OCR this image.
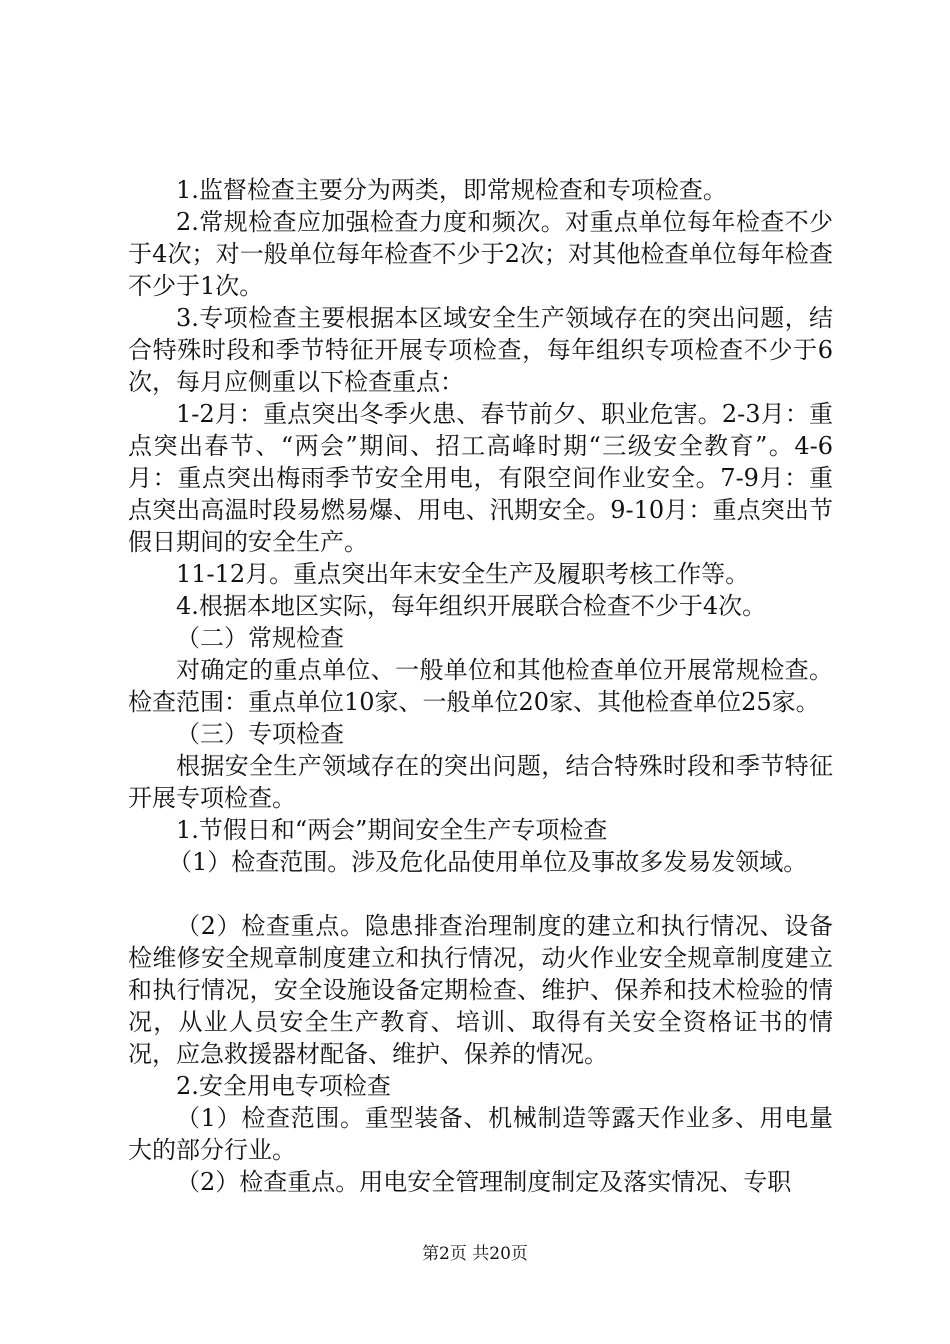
1.监督检查主要分为两类，即常规检查和专项检查。

2.常规检查应加强检查力度和频次。对重点单位每年检查不少于4次；对一般单位每年检查不少于2次；对其他检查单位每年检查不少于1次。

3.专项检查主要根据本区域安全生产领域存在的突出问题，结合特殊时段和季节特征开展专项检查，每年组织专项检查不少于6次，每月应侧重以下检查重点：

1-2月：重点突出冬季火患、春节前夕、职业危害。2-3月：重点突出春节、“两会”期间、招工高峰时期“三级安全教育”。4-6月：重点突出梅雨季节安全用电，有限空间作业安全。7-9月：重点突出高温时段易燃易爆、用电、汛期安全。9-10月：重点突出节假日期间的安全生产。

11-12月。重点突出年末安全生产及履职考核工作等。

4.根据本地区实际，每年组织开展联合检查不少于4次。

（二）常规检查

对确定的重点单位、一般单位和其他检查单位开展常规检查。检查范围：重点单位10家、一般单位20家、其他检查单位25家。

（三）专项检查

根据安全生产领域存在的突出问题，结合特殊时段和季节特征开展专项检查。

1.节假日和“两会”期间安全生产专项检查

（1）检查范围。涉及危化品使用单位及事故多发易发领域。

（2）检查重点。隐患排查治理制度的建立和执行情况、设备检维修安全规章制度建立和执行情况，动火作业安全规章制度建立和执行情况，安全设施设备定期检查、维护、保养和技术检验的情况，从业人员安全生产教育、培训、取得有关安全资格证书的情况，应急救援器材配备、维护、保养的情况。

2.安全用电专项检查

（1）检查范围。重型装备、机械制造等露天作业多、用电量大的部分行业。

（2）检查重点。用电安全管理制度制定及落实情况、专职

第2页 共20页
